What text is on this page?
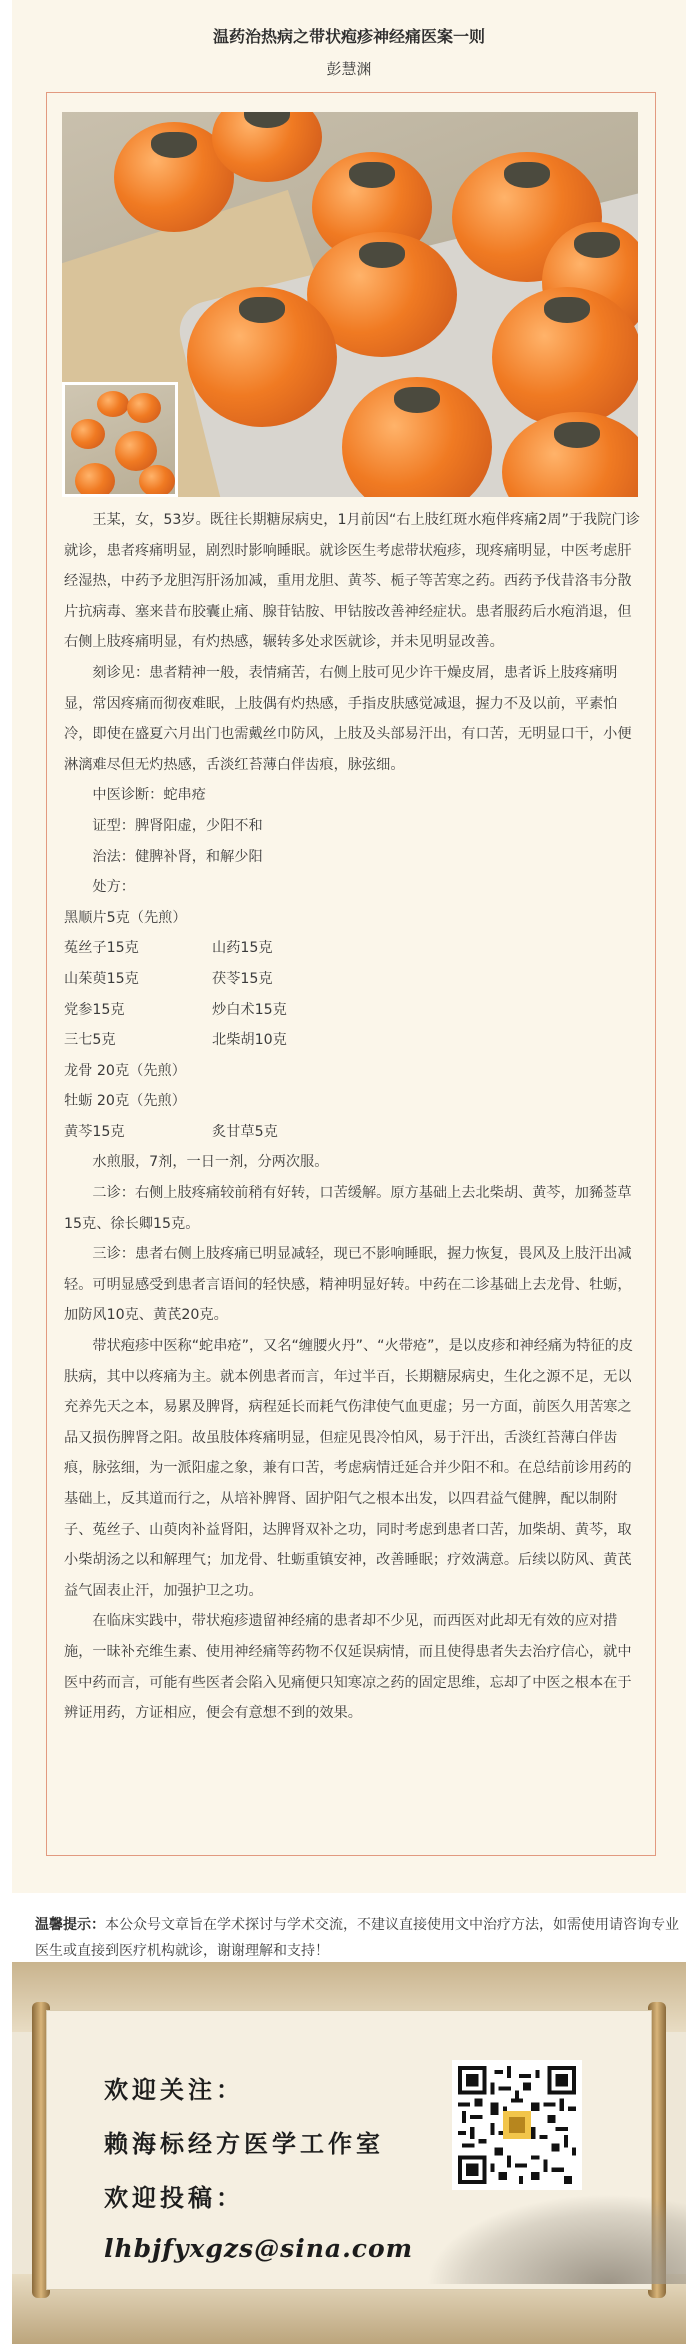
温药治热病之带状疱疹神经痛医案一则
彭慧渊

王某，女，53岁。既往长期糖尿病史，1月前因“右上肢红斑水疱伴疼痛2周”于我院门诊就诊，患者疼痛明显，剧烈时影响睡眠。就诊医生考虑带状疱疹，现疼痛明显，中医考虑肝经湿热，中药予龙胆泻肝汤加减，重用龙胆、黄芩、栀子等苦寒之药。西药予伐昔洛韦分散片抗病毒、塞来昔布胶囊止痛、腺苷钴胺、甲钴胺改善神经症状。患者服药后水疱消退，但右侧上肢疼痛明显，有灼热感，辗转多处求医就诊，并未见明显改善。

刻诊见：患者精神一般，表情痛苦，右侧上肢可见少许干燥皮屑，患者诉上肢疼痛明显，常因疼痛而彻夜难眠，上肢偶有灼热感，手指皮肤感觉减退，握力不及以前，平素怕冷，即使在盛夏六月出门也需戴丝巾防风，上肢及头部易汗出，有口苦，无明显口干，小便淋漓难尽但无灼热感，舌淡红苔薄白伴齿痕，脉弦细。

中医诊断：蛇串疮

证型：脾肾阳虚，少阳不和

治法：健脾补肾，和解少阳

处方：

黑顺片5克（先煎）

菟丝子15克	山药15克

山茱萸15克	茯苓15克

党参15克	炒白术15克

三七5克	北柴胡10克

龙骨 20克（先煎）

牡蛎 20克（先煎）

黄芩15克	炙甘草5克

水煎服，7剂，一日一剂，分两次服。

二诊：右侧上肢疼痛较前稍有好转，口苦缓解。原方基础上去北柴胡、黄芩，加豨莶草15克、徐长卿15克。

三诊：患者右侧上肢疼痛已明显减轻，现已不影响睡眠，握力恢复，畏风及上肢汗出减轻。可明显感受到患者言语间的轻快感，精神明显好转。中药在二诊基础上去龙骨、牡蛎，加防风10克、黄芪20克。

带状疱疹中医称“蛇串疮”，又名“缠腰火丹”、“火带疮”，是以皮疹和神经痛为特征的皮肤病，其中以疼痛为主。就本例患者而言，年过半百，长期糖尿病史，生化之源不足，无以充养先天之本，易累及脾肾，病程延长而耗气伤津使气血更虚；另一方面，前医久用苦寒之品又损伤脾肾之阳。故虽肢体疼痛明显，但症见畏冷怕风，易于汗出，舌淡红苔薄白伴齿痕，脉弦细，为一派阳虚之象，兼有口苦，考虑病情迁延合并少阳不和。在总结前诊用药的基础上，反其道而行之，从培补脾肾、固护阳气之根本出发，以四君益气健脾，配以制附子、菟丝子、山萸肉补益肾阳，达脾肾双补之功，同时考虑到患者口苦，加柴胡、黄芩，取小柴胡汤之以和解理气；加龙骨、牡蛎重镇安神，改善睡眠；疗效满意。后续以防风、黄芪益气固表止汗，加强护卫之功。

在临床实践中，带状疱疹遗留神经痛的患者却不少见，而西医对此却无有效的应对措施，一昧补充维生素、使用神经痛等药物不仅延误病情，而且使得患者失去治疗信心，就中医中药而言，可能有些医者会陷入见痛便只知寒凉之药的固定思维，忘却了中医之根本在于辨证用药，方证相应，便会有意想不到的效果。

温馨提示：本公众号文章旨在学术探讨与学术交流，不建议直接使用文中治疗方法，如需使用请咨询专业医生或直接到医疗机构就诊，谢谢理解和支持！
欢迎关注：
赖海标经方医学工作室
欢迎投稿：
lhbjfyxgzs@sina.com
